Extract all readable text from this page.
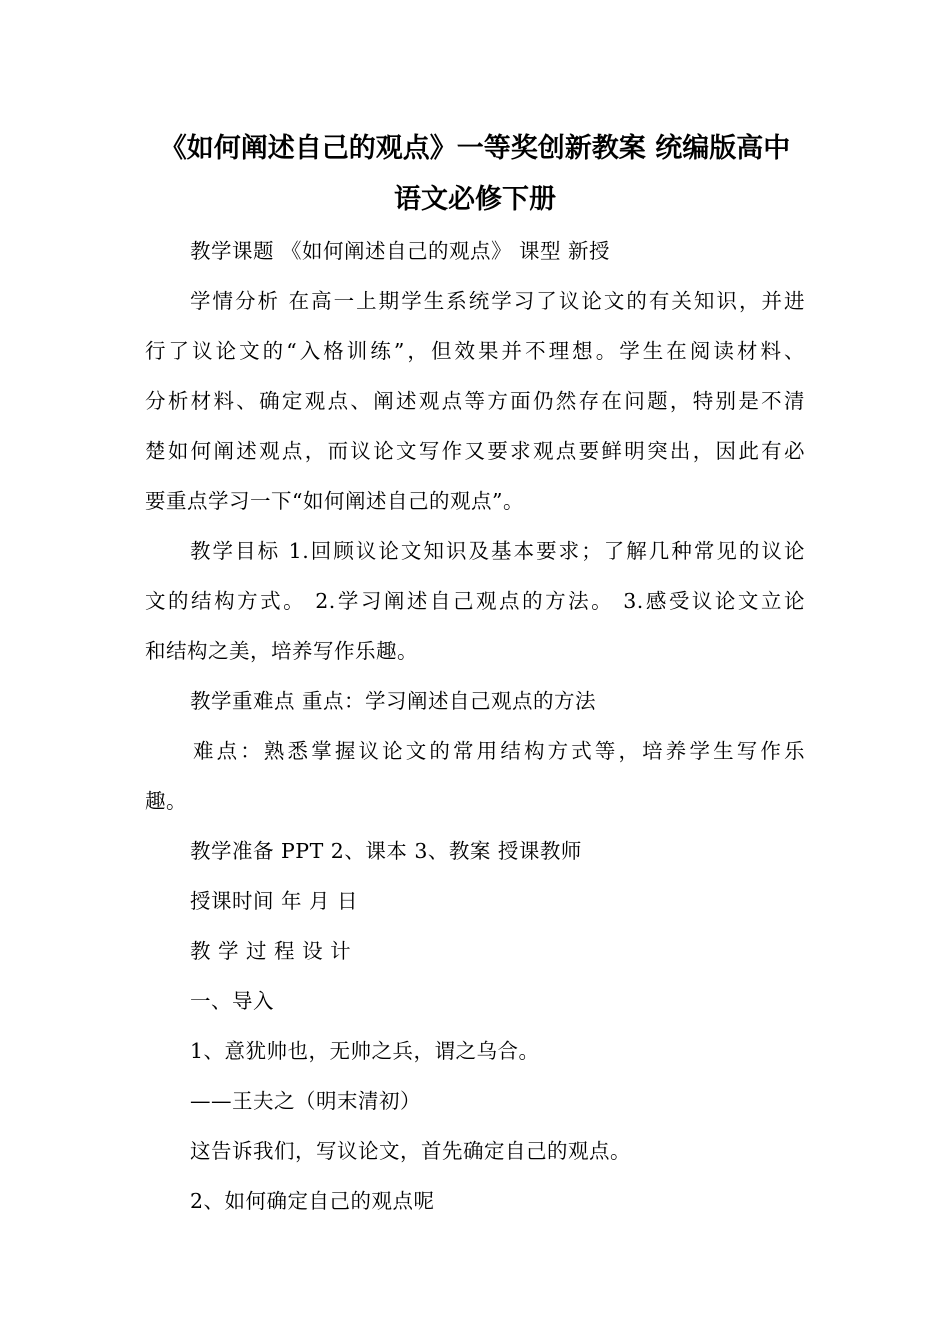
《如何阐述自己的观点》一等奖创新教案 统编版高中
语文必修下册
教学课题 《如何阐述自己的观点》 课型 新授
学情分析 在高一上期学生系统学习了议论文的有关知识，并进
行了议论文的“入格训练”，但效果并不理想。学生在阅读材料、
分析材料、确定观点、阐述观点等方面仍然存在问题，特别是不清
楚如何阐述观点，而议论文写作又要求观点要鲜明突出，因此有必
要重点学习一下“如何阐述自己的观点”。
教学目标 1.回顾议论文知识及基本要求；了解几种常见的议论
文的结构方式。 2.学习阐述自己观点的方法。 3.感受议论文立论
和结构之美，培养写作乐趣。
教学重难点 重点：学习阐述自己观点的方法
难点：熟悉掌握议论文的常用结构方式等，培养学生写作乐
趣。
教学准备 PPT 2、课本 3、教案 授课教师
授课时间 年 月 日
教 学 过 程 设 计
一、导入
1、意犹帅也，无帅之兵，谓之乌合。
——王夫之（明末清初）
这告诉我们，写议论文，首先确定自己的观点。
2、如何确定自己的观点呢
